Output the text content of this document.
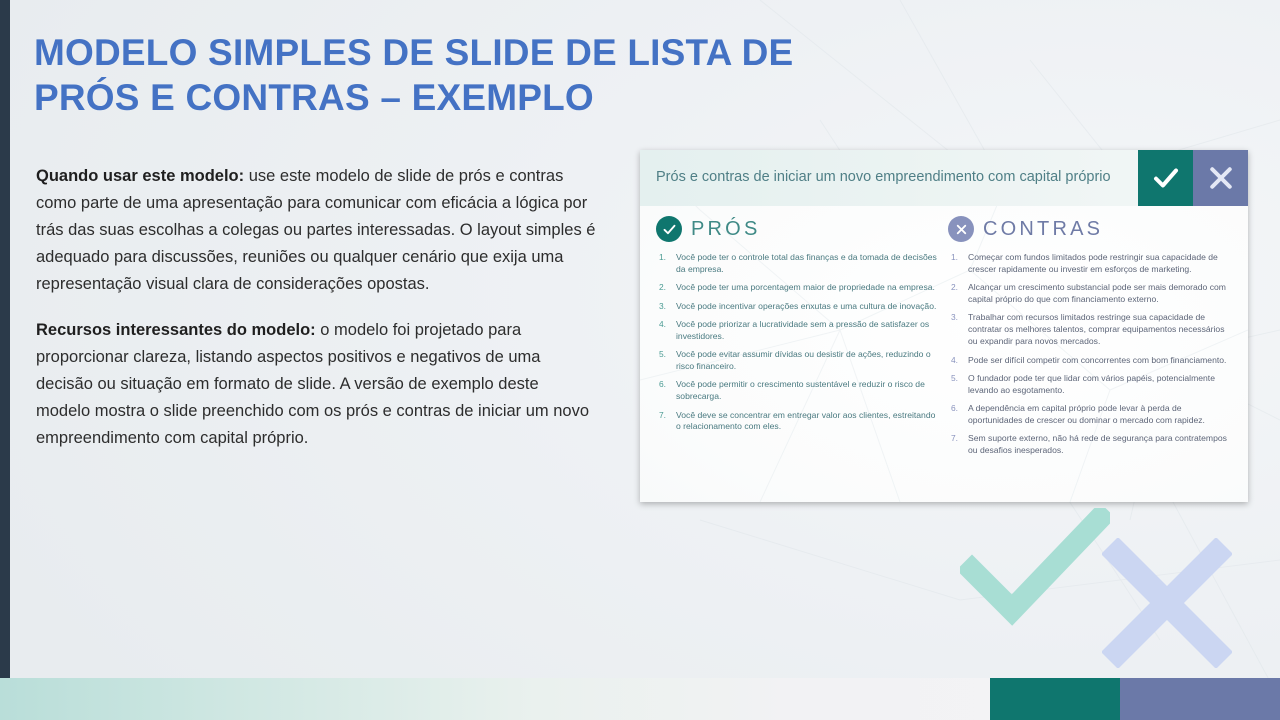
MODELO SIMPLES DE SLIDE DE LISTA DE PRÓS E CONTRAS – EXEMPLO

Quando usar este modelo: use este modelo de slide de prós e contras como parte de uma apresentação para comunicar com eficácia a lógica por trás das suas escolhas a colegas ou partes interessadas. O layout simples é adequado para discussões, reuniões ou qualquer cenário que exija uma representação visual clara de considerações opostas.

Recursos interessantes do modelo: o modelo foi projetado para proporcionar clareza, listando aspectos positivos e negativos de uma decisão ou situação em formato de slide. A versão de exemplo deste modelo mostra o slide preenchido com os prós e contras de iniciar um novo empreendimento com capital próprio.

Prós e contras de iniciar um novo empreendimento com capital próprio
PRÓS
Você pode ter o controle total das finanças e da tomada de decisões da empresa.
Você pode ter uma porcentagem maior de propriedade na empresa.
Você pode incentivar operações enxutas e uma cultura de inovação.
Você pode priorizar a lucratividade sem a pressão de satisfazer os investidores.
Você pode evitar assumir dívidas ou desistir de ações, reduzindo o risco financeiro.
Você pode permitir o crescimento sustentável e reduzir o risco de sobrecarga.
Você deve se concentrar em entregar valor aos clientes, estreitando o relacionamento com eles.
CONTRAS
Começar com fundos limitados pode restringir sua capacidade de crescer rapidamente ou investir em esforços de marketing.
Alcançar um crescimento substancial pode ser mais demorado com capital próprio do que com financiamento externo.
Trabalhar com recursos limitados restringe sua capacidade de contratar os melhores talentos, comprar equipamentos necessários ou expandir para novos mercados.
Pode ser difícil competir com concorrentes com bom financiamento.
O fundador pode ter que lidar com vários papéis, potencialmente levando ao esgotamento.
A dependência em capital próprio pode levar à perda de oportunidades de crescer ou dominar o mercado com rapidez.
Sem suporte externo, não há rede de segurança para contratempos ou desafios inesperados.
